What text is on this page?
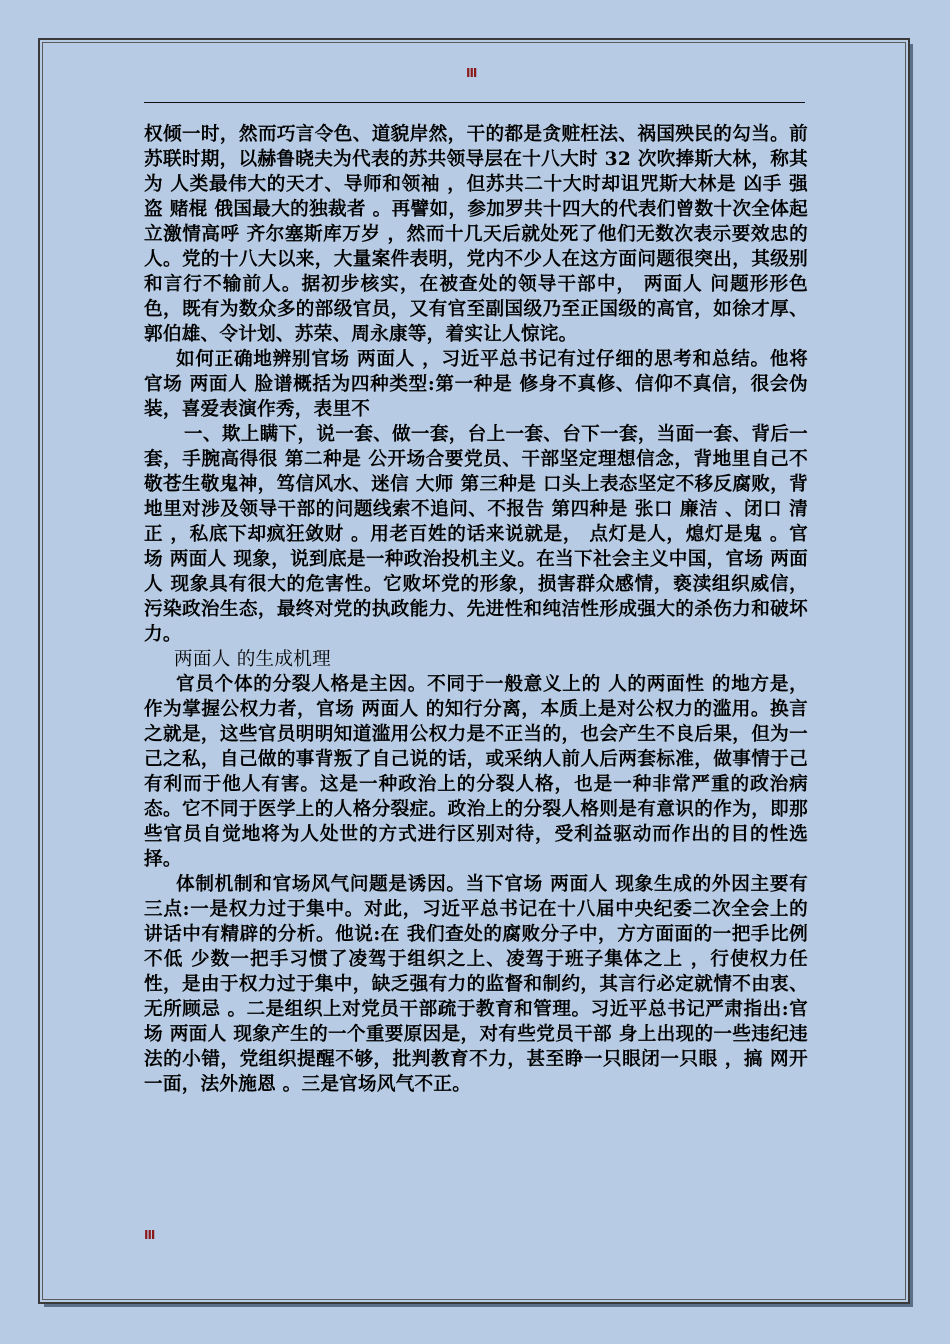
III

权倾一时，然而巧言令色、道貌岸然，干的都是贪赃枉法、祸国殃民的勾当。前苏联时期，以赫鲁晓夫为代表的苏共领导层在十八大时 32 次吹捧斯大林，称其为 人类最伟大的天才、导师和领袖 ，但苏共二十大时却诅咒斯大林是 凶手 强盗 赌棍 俄国最大的独裁者 。再譬如，参加罗共十四大的代表们曾数十次全体起立激情高呼 齐尔塞斯库万岁 ，然而十几天后就处死了他们无数次表示要效忠的人。党的十八大以来，大量案件表明，党内不少人在这方面问题很突出，其级别和言行不输前人。据初步核实，在被查处的领导干部中， 两面人 问题形形色色，既有为数众多的部级官员，又有官至副国级乃至正国级的高官，如徐才厚、郭伯雄、令计划、苏荣、周永康等，着实让人惊诧。

如何正确地辨别官场 两面人 ，习近平总书记有过仔细的思考和总结。他将官场 两面人 脸谱概括为四种类型:第一种是 修身不真修、信仰不真信，很会伪装，喜爱表演作秀，表里不

一、欺上瞒下，说一套、做一套，台上一套、台下一套，当面一套、背后一套，手腕高得很 第二种是 公开场合要党员、干部坚定理想信念，背地里自己不敬苍生敬鬼神，笃信风水、迷信 大师 第三种是 口头上表态坚定不移反腐败，背地里对涉及领导干部的问题线索不追问、不报告 第四种是 张口 廉洁 、闭口 清正 ，私底下却疯狂敛财 。用老百姓的话来说就是， 点灯是人，熄灯是鬼 。官场 两面人 现象，说到底是一种政治投机主义。在当下社会主义中国，官场 两面人 现象具有很大的危害性。它败坏党的形象，损害群众感情，亵渎组织威信，污染政治生态，最终对党的执政能力、先进性和纯洁性形成强大的杀伤力和破坏力。

两面人 的生成机理

官员个体的分裂人格是主因。不同于一般意义上的 人的两面性 的地方是，作为掌握公权力者，官场 两面人 的知行分离，本质上是对公权力的滥用。换言之就是，这些官员明明知道滥用公权力是不正当的，也会产生不良后果，但为一己之私，自己做的事背叛了自己说的话，或采纳人前人后两套标准，做事情于己有利而于他人有害。这是一种政治上的分裂人格，也是一种非常严重的政治病态。它不同于医学上的人格分裂症。政治上的分裂人格则是有意识的作为，即那些官员自觉地将为人处世的方式进行区别对待，受利益驱动而作出的目的性选择。

体制机制和官场风气问题是诱因。当下官场 两面人 现象生成的外因主要有三点:一是权力过于集中。对此，习近平总书记在十八届中央纪委二次全会上的讲话中有精辟的分析。他说:在 我们查处的腐败分子中，方方面面的一把手比例不低 少数一把手习惯了凌驾于组织之上、凌驾于班子集体之上 ，行使权力任性，是由于权力过于集中，缺乏强有力的监督和制约，其言行必定就情不由衷、无所顾忌 。二是组织上对党员干部疏于教育和管理。习近平总书记严肃指出:官场 两面人 现象产生的一个重要原因是，对有些党员干部 身上出现的一些违纪违法的小错，党组织提醒不够，批判教育不力，甚至睁一只眼闭一只眼 ，搞 网开一面，法外施恩 。三是官场风气不正。

III
